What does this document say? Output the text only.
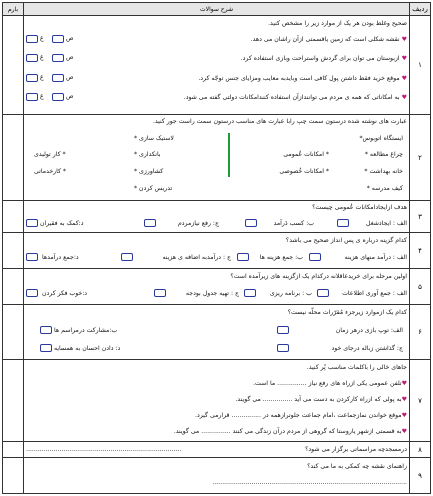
ردیف
بارم	شرح سوالات
۱
صحیح وغلط بودن هر یک از موارد زیر را مشخص کنید.
♥ نقشه شکلی است که زمین یاقسمتی ازآن راشان می دهد.
♥ ازبوستان می توان برای گردش واستراحت وبازی استفاده کرد.
♥ موقع خرید فقط داشتن پول کافی است وبایدبه معایب ومزایای جنس توجّه کرد.
♥ به امکاناتی که همه ی مردم می توانندازآن استفاده کنندامکانات دولتی گفته می شود.
ص
غ
ص
غ
ص
غ
ص
غ
۲
عبارت های نوشته شده درستون سمت چپ رابا عبارت های مناسب درستون سمت راست جور کنید.
ایستگاه اتوبوس*
چراغ مطالعه *
خانه بهداشت *
کیف مدرسه *
* امکانات عُمومی
* امکانات خُصوصی
لاستیک سازی *
بانکداری *
کشاورزی *
تدریس کردن *
* کار تولیدی
* کارخدماتی
۳
هدف ازایجادامکانات عُمومی چیست؟
الف : ایجادشغل
ب: کسب دَرآمد
ج: رفع نیازمردم
د:کمک به فقیران
۴
کدام گزینه درباره ی پس انداز صحیح می باشد؟
الف : درآمد منهای هزینه
ب: جمع هزینه ها
ج : درآمدبه اضافه ی هزینه
د:جمع درآمدها
۵
اولین مرحله برای خریدعاقلانه درکدام یک ازگزینه های زیرآمده است؟
الف : جمع آوری اطلاعات
ب : برنامه ریزی
ج : تهیه جدول بودجه
د:خوب فکر کردن
۶
کدام یک ازموارد زیرجزء مُقرّرات محلّه نیست؟
الف: توپ بازی درهر زمان
ب:مشارکت درمراسم ها
ج: گذاشتن زباله درجای خود
د: دادن احسان به همسایه
۷
جاهای خالی را باکلمات مناسب پُر کنید.
♥تلفن عمومی یکی ازراه های رفع نیاز ............... ما است.
♥به پولی که ازراه کارکردن به دست می آید ............... می گویند.
♥موقع خواندن نمازجماعت ،امام جماعت جلوترازهمه در ............... قرارمی گیرد.
♥به قسمتی ازشهر یاروستا که گروهی از مردم درآن زندگی می کنند ............... می گویند.
۸
درمسجدچه مراسماتی برگزار می شود؟
...............................................................................
۹
راهنمای نقشه چه کمکی به ما می کند؟
...................................................................................................
